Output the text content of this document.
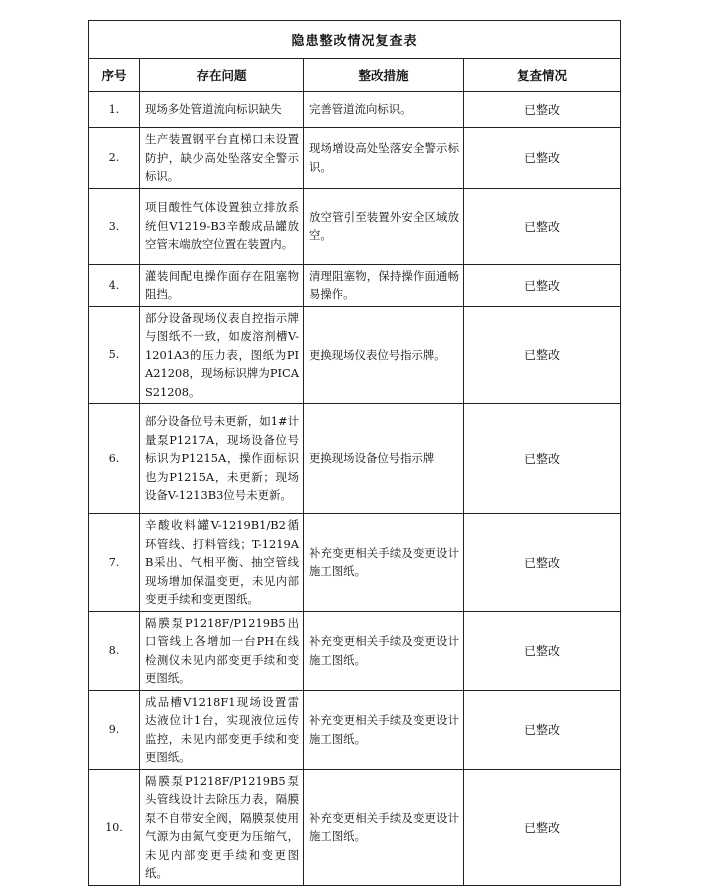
隐患整改情况复查表			
序号	存在问题	整改措施	复查情况
1.	现场多处管道流向标识缺失	完善管道流向标识。	已整改
2.	生产装置钢平台直梯口未设置防护，缺少高处坠落安全警示标识。	现场增设高处坠落安全警示标识。	已整改
3.	项目酸性气体设置独立排放系统但V1219-B3辛酸成品罐放空管末端放空位置在装置内。	放空管引至装置外安全区域放空。	已整改
4.	灌装间配电操作面存在阻塞物阻挡。	清理阻塞物，保持操作面通畅易操作。	已整改
5.	部分设备现场仪表自控指示牌与图纸不一致，如废溶剂槽V-1201A3的压力表，图纸为PIA21208，现场标识牌为PICAS21208。	更换现场仪表位号指示牌。	已整改
6.	部分设备位号未更新，如1#计量泵P1217A，现场设备位号标识为P1215A，操作面标识也为P1215A，未更新；现场设备V-1213B3位号未更新。	更换现场设备位号指示牌	已整改
7.	辛酸收料罐V-1219B1/B2循环管线、打料管线；T-1219AB采出、气相平衡、抽空管线现场增加保温变更，未见内部变更手续和变更图纸。	补充变更相关手续及变更设计施工图纸。	已整改
8.	隔膜泵P1218F/P1219B5出口管线上各增加一台PH在线检测仪未见内部变更手续和变更图纸。	补充变更相关手续及变更设计施工图纸。	已整改
9.	成品槽V1218F1现场设置雷达液位计1台，实现液位远传监控，未见内部变更手续和变更图纸。	补充变更相关手续及变更设计施工图纸。	已整改
10.	隔膜泵P1218F/P1219B5泵头管线设计去除压力表，隔膜泵不自带安全阀，隔膜泵使用气源为由氮气变更为压缩气，未见内部变更手续和变更图纸。	补充变更相关手续及变更设计施工图纸。	已整改
